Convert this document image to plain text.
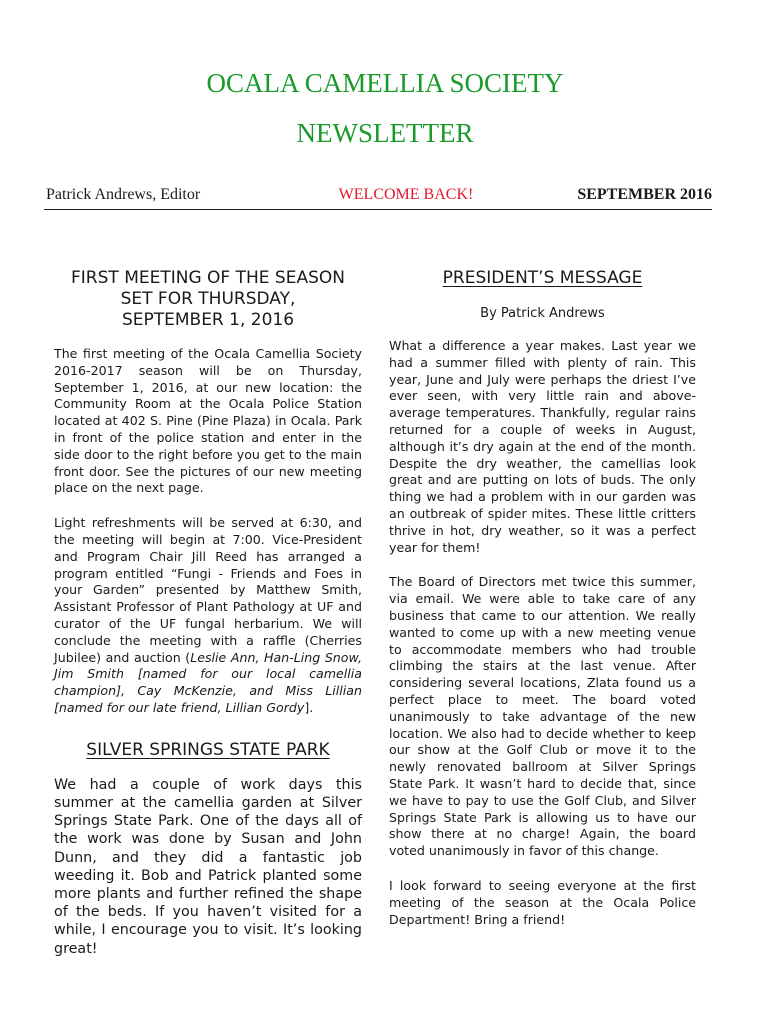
OCALA CAMELLIA SOCIETY
NEWSLETTER
Patrick Andrews, Editor	WELCOME BACK!	SEPTEMBER 2016
FIRST MEETING OF THE SEASON
SET FOR THURSDAY,
SEPTEMBER 1, 2016

The first meeting of the Ocala Camellia Society 2016-2017 season will be on Thursday, September 1, 2016, at our new location: the Community Room at the Ocala Police Station located at 402 S. Pine (Pine Plaza) in Ocala. Park in front of the police station and enter in the side door to the right before you get to the main front door. See the pictures of our new meeting place on the next page.

Light refreshments will be served at 6:30, and the meeting will begin at 7:00. Vice-President and Program Chair Jill Reed has arranged a program entitled “Fungi - Friends and Foes in your Garden” presented by Matthew Smith, Assistant Professor of Plant Pathology at UF and curator of the UF fungal herbarium. We will conclude the meeting with a raffle (Cherries Jubilee) and auction (Leslie Ann, Han-Ling Snow, Jim Smith [named for our local camellia champion], Cay McKenzie, and Miss Lillian [named for our late friend, Lillian Gordy].

SILVER SPRINGS STATE PARK

We had a couple of work days this summer at the camellia garden at Silver Springs State Park. One of the days all of the work was done by Susan and John Dunn, and they did a fantastic job weeding it. Bob and Patrick planted some more plants and further refined the shape of the beds. If you haven’t visited for a while, I encourage you to visit. It’s looking great!

PRESIDENT’S MESSAGE

By Patrick Andrews

What a difference a year makes. Last year we had a summer filled with plenty of rain. This year, June and July were perhaps the driest I’ve ever seen, with very little rain and above-average temperatures. Thankfully, regular rains returned for a couple of weeks in August, although it’s dry again at the end of the month. Despite the dry weather, the camellias look great and are putting on lots of buds. The only thing we had a problem with in our garden was an outbreak of spider mites. These little critters thrive in hot, dry weather, so it was a perfect year for them!

The Board of Directors met twice this summer, via email. We were able to take care of any business that came to our attention. We really wanted to come up with a new meeting venue to accommodate members who had trouble climbing the stairs at the last venue. After considering several locations, Zlata found us a perfect place to meet. The board voted unanimously to take advantage of the new location. We also had to decide whether to keep our show at the Golf Club or move it to the newly renovated ballroom at Silver Springs State Park. It wasn’t hard to decide that, since we have to pay to use the Golf Club, and Silver Springs State Park is allowing us to have our show there at no charge! Again, the board voted unanimously in favor of this change.

I look forward to seeing everyone at the first meeting of the season at the Ocala Police Department! Bring a friend!
